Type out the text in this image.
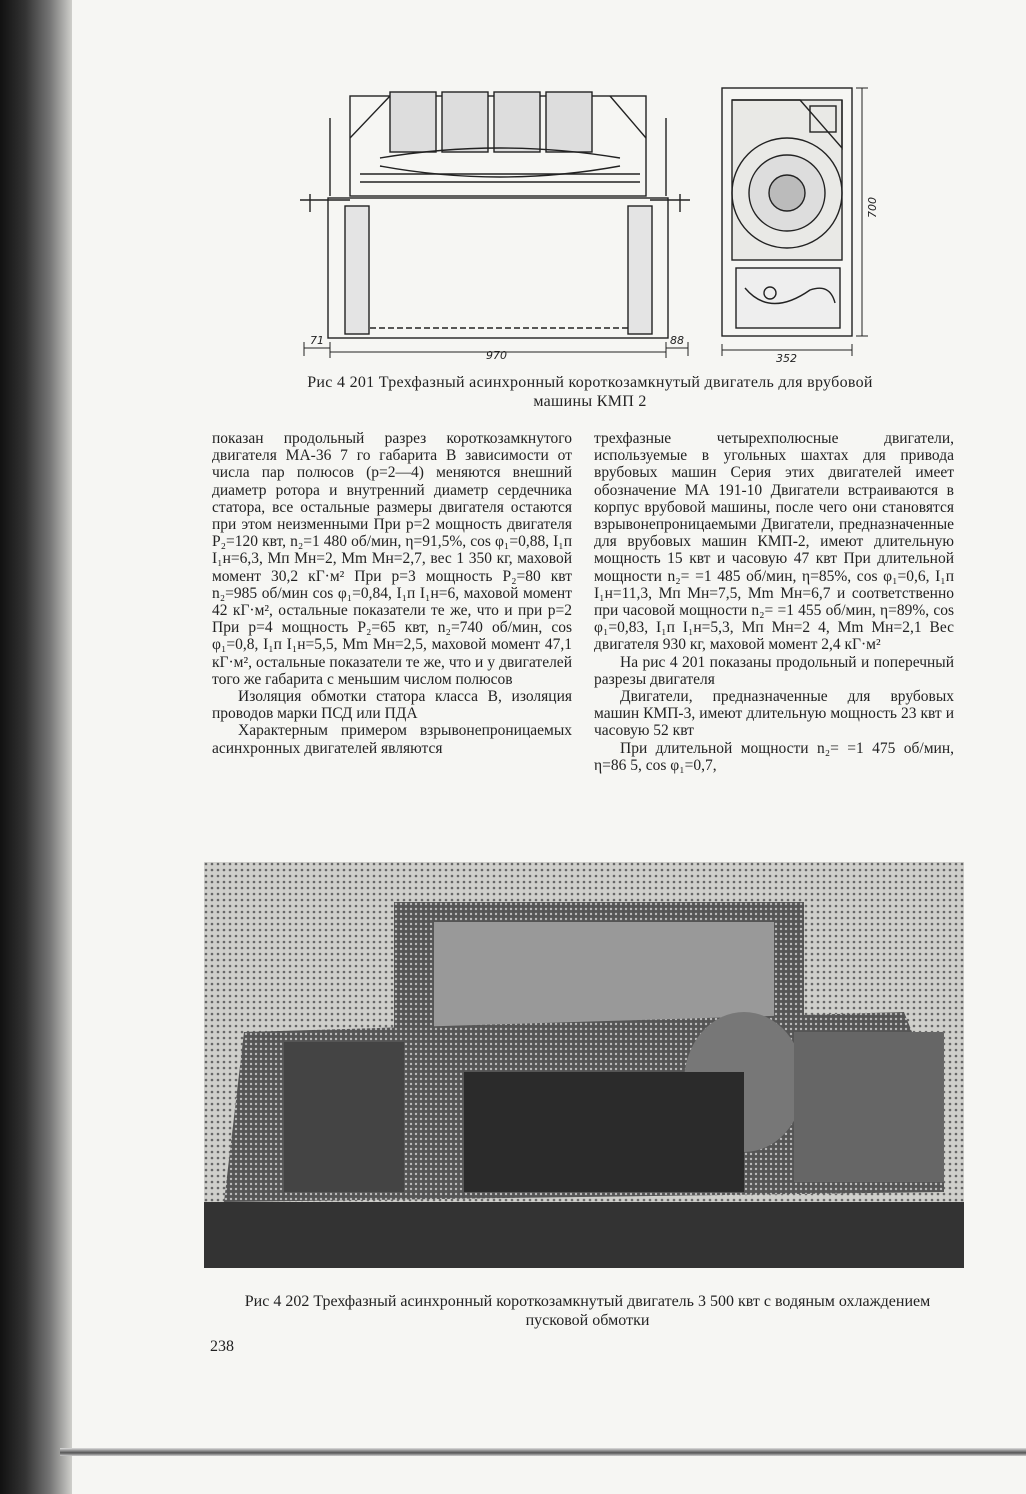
71
970
88
352
700
Рис 4 201 Трехфазный асинхронный короткозамкнутый двигатель для врубовой машины КМП 2

показан продольный разрез короткозамкнутого двигателя МА-36 7 го габарита В зависимости от числа пар полюсов (p=2—4) меняются внешний диаметр ротора и внутренний диаметр сердечника статора, все остальные размеры двигателя остаются при этом неизменными При p=2 мощность двигателя P₂=120 квт, n₂=1 480 об/мин, η=91,5%, cos φ₁=0,88, I₁п I₁н=6,3, Mп Mн=2, Mm Mн=2,7, вес 1 350 кг, маховой момент 30,2 кГ·м² При p=3 мощность P₂=80 квт n₂=985 об/мин cos φ₁=0,84, I₁п I₁н=6, маховой момент 42 кГ·м², остальные показатели те же, что и при p=2 При p=4 мощность P₂=65 квт, n₂=740 об/мин, cos φ₁=0,8, I₁п I₁н=5,5, Mm Mн=2,5, маховой момент 47,1 кГ·м², остальные показатели те же, что и у двигателей того же габарита с меньшим числом полюсов

Изоляция обмотки статора класса B, изоляция проводов марки ПСД или ПДА

Характерным примером взрывонепроницаемых асинхронных двигателей являются

трехфазные четырехполюсные двигатели, используемые в угольных шахтах для привода врубовых машин Серия этих двигателей имеет обозначение МА 191-10 Двигатели встраиваются в корпус врубовой машины, после чего они становятся взрывонепроницаемыми Двигатели, предназначенные для врубовых машин КМП-2, имеют длительную мощность 15 квт и часовую 47 квт При длительной мощности n₂= =1 485 об/мин, η=85%, cos φ₁=0,6, I₁п I₁н=11,3, Mп Mн=7,5, Mm Mн=6,7 и соответственно при часовой мощности n₂= =1 455 об/мин, η=89%, cos φ₁=0,83, I₁п I₁н=5,3, Mп Mн=2 4, Mm Mн=2,1 Вес двигателя 930 кг, маховой момент 2,4 кГ·м²

На рис 4 201 показаны продольный и поперечный разрезы двигателя

Двигатели, предназначенные для врубовых машин КМП-3, имеют длительную мощность 23 квт и часовую 52 квт

При длительной мощности n₂= =1 475 об/мин, η=86 5, cos φ₁=0,7,

Рис 4 202 Трехфазный асинхронный короткозамкнутый двигатель 3 500 квт с водяным охлаждением пусковой обмотки
238
